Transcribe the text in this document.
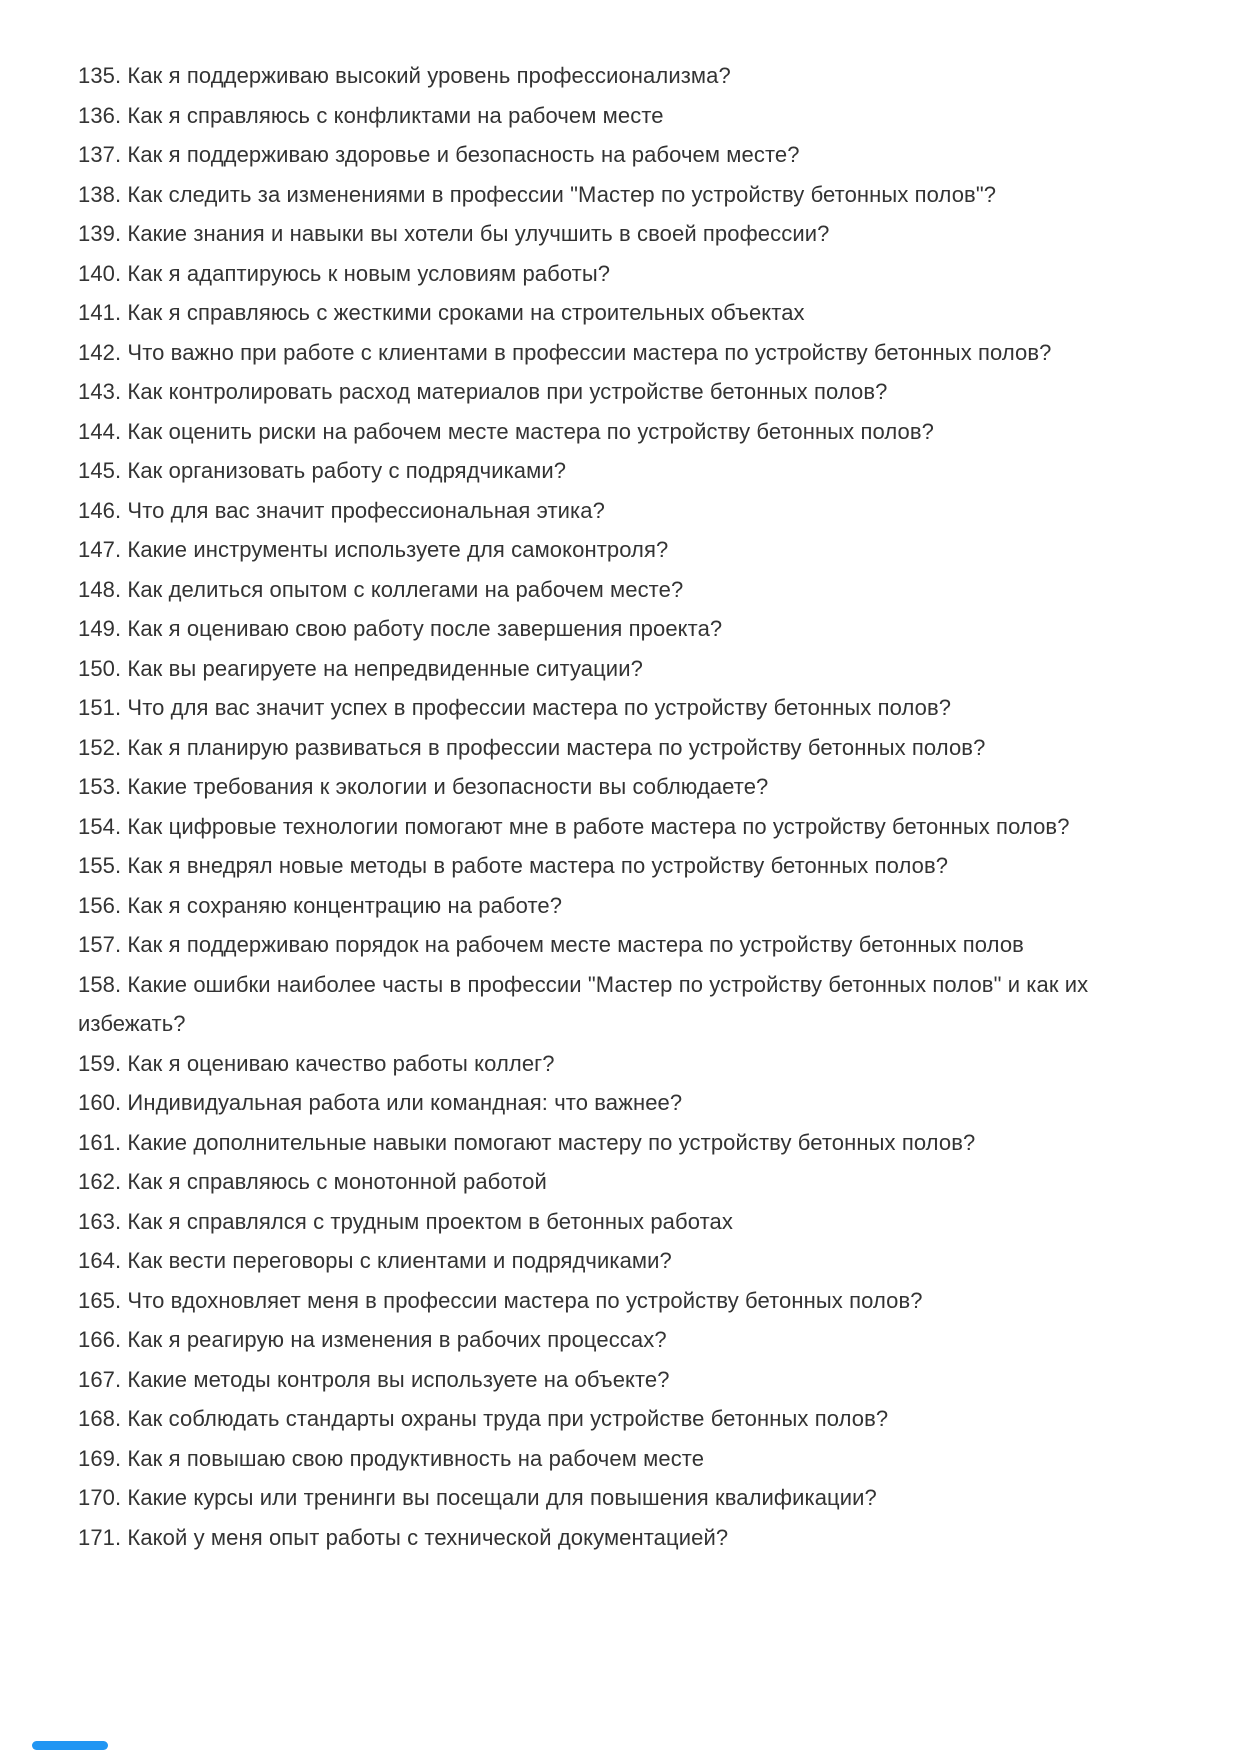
135. Как я поддерживаю высокий уровень профессионализма?

136. Как я справляюсь с конфликтами на рабочем месте

137. Как я поддерживаю здоровье и безопасность на рабочем месте?

138. Как следить за изменениями в профессии "Мастер по устройству бетонных полов"?

139. Какие знания и навыки вы хотели бы улучшить в своей профессии?

140. Как я адаптируюсь к новым условиям работы?

141. Как я справляюсь с жесткими сроками на строительных объектах

142. Что важно при работе с клиентами в профессии мастера по устройству бетонных полов?

143. Как контролировать расход материалов при устройстве бетонных полов?

144. Как оценить риски на рабочем месте мастера по устройству бетонных полов?

145. Как организовать работу с подрядчиками?

146. Что для вас значит профессиональная этика?

147. Какие инструменты используете для самоконтроля?

148. Как делиться опытом с коллегами на рабочем месте?

149. Как я оцениваю свою работу после завершения проекта?

150. Как вы реагируете на непредвиденные ситуации?

151. Что для вас значит успех в профессии мастера по устройству бетонных полов?

152. Как я планирую развиваться в профессии мастера по устройству бетонных полов?

153. Какие требования к экологии и безопасности вы соблюдаете?

154. Как цифровые технологии помогают мне в работе мастера по устройству бетонных полов?

155. Как я внедрял новые методы в работе мастера по устройству бетонных полов?

156. Как я сохраняю концентрацию на работе?

157. Как я поддерживаю порядок на рабочем месте мастера по устройству бетонных полов

158. Какие ошибки наиболее часты в профессии "Мастер по устройству бетонных полов" и как их избежать?

159. Как я оцениваю качество работы коллег?

160. Индивидуальная работа или командная: что важнее?

161. Какие дополнительные навыки помогают мастеру по устройству бетонных полов?

162. Как я справляюсь с монотонной работой

163. Как я справлялся с трудным проектом в бетонных работах

164. Как вести переговоры с клиентами и подрядчиками?

165. Что вдохновляет меня в профессии мастера по устройству бетонных полов?

166. Как я реагирую на изменения в рабочих процессах?

167. Какие методы контроля вы используете на объекте?

168. Как соблюдать стандарты охраны труда при устройстве бетонных полов?

169. Как я повышаю свою продуктивность на рабочем месте

170. Какие курсы или тренинги вы посещали для повышения квалификации?

171. Какой у меня опыт работы с технической документацией?
